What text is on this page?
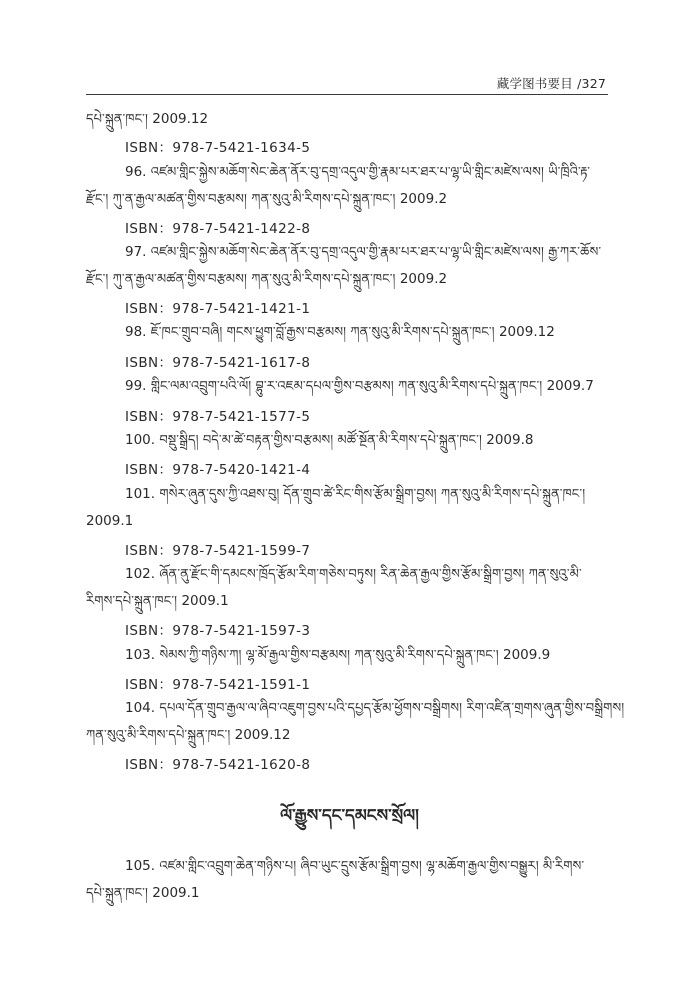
藏学图书要目 /327
དཔེ་སྐྲུན་ཁང་། 2009.12
ISBN：978-7-5421-1634-5
96. འཛམ་གླིང་སྐྱེས་མཆོག་སེང་ཆེན་ནོར་བུ་དགྲ་འདུལ་གྱི་རྣམ་པར་ཐར་པ་ལྷ་ཡི་གླིང་མཛེས་ལས། ཡི་ཁྲིའི་རྟ་
རྫོང་། ཀུ་ན་རྒྱལ་མཚན་གྱིས་བརྩམས། ཀན་སུའུ་མི་རིགས་དཔེ་སྐྲུན་ཁང་། 2009.2
ISBN：978-7-5421-1422-8
97. འཛམ་གླིང་སྐྱེས་མཆོག་སེང་ཆེན་ནོར་བུ་དགྲ་འདུལ་གྱི་རྣམ་པར་ཐར་པ་ལྷ་ཡི་གླིང་མཛེས་ལས། རྒྱ་ཀར་ཆོས་
རྫོང་། ཀུ་ན་རྒྱལ་མཚན་གྱིས་བརྩམས། ཀན་སུའུ་མི་རིགས་དཔེ་སྐྲུན་ཁང་། 2009.2
ISBN：978-7-5421-1421-1
98. ཇོ་ཁང་གྲུབ་བཞི། གངས་ཕྱུག་བློ་རྒྱས་བརྩམས། ཀན་སུའུ་མི་རིགས་དཔེ་སྐྲུན་ཁང་། 2009.12
ISBN：978-7-5421-1617-8
99. གླིང་ལམ་འབྲུག་པའི་ལོ། བྷུ་ར་འཇམ་དཔལ་གྱིས་བརྩམས། ཀན་སུའུ་མི་རིགས་དཔེ་སྐྲུན་ཁང་། 2009.7
ISBN：978-7-5421-1577-5
100. བསྡུ་སྒྲིད། བདེ་མ་ཚེ་བརྟན་གྱིས་བརྩམས། མཚོ་སྔོན་མི་རིགས་དཔེ་སྐྲུན་ཁང་། 2009.8
ISBN：978-7-5420-1421-4
101. གསེར་ཞུན་དུས་ཀྱི་འཐས་བུ། དོན་གྲུབ་ཚེ་རིང་གིས་རྩོམ་སྒྲིག་བྱས། ཀན་སུའུ་མི་རིགས་དཔེ་སྐྲུན་ཁང་།
2009.1
ISBN：978-7-5421-1599-7
102. ཞོན་ནུ་རྫོང་གི་དམངས་ཁྲོད་རྩོམ་རིག་གཅེས་བཏུས། རིན་ཆེན་རྒྱལ་གྱིས་རྩོམ་སྒྲིག་བྱས། ཀན་སུའུ་མི་
རིགས་དཔེ་སྐྲུན་ཁང་། 2009.1
ISBN：978-7-5421-1597-3
103. སེམས་ཀྱི་གཉིས་ཀ། ལྷ་མོ་རྒྱལ་གྱིས་བརྩམས། ཀན་སུའུ་མི་རིགས་དཔེ་སྐྲུན་ཁང་། 2009.9
ISBN：978-7-5421-1591-1
104. དཔལ་དོན་གྲུབ་རྒྱལ་ལ་ཞིབ་འཇུག་བྱས་པའི་དཔྱད་རྩོམ་ཕྱོགས་བསྒྲིགས། རིག་འཛིན་གྲགས་ཞུན་གྱིས་བསྒྲིགས།
ཀན་སུའུ་མི་རིགས་དཔེ་སྐྲུན་ཁང་། 2009.12
ISBN：978-7-5421-1620-8
ལོ་རྒྱུས་དང་དམངས་སྲོལ།
105. འཛམ་གླིང་འབྲུག་ཆེན་གཉིས་པ། ཞིབ་ཡུང་དྲུས་རྩོམ་སྒྲིག་བྱས། ལྷ་མཆོག་རྒྱལ་གྱིས་བསྒྱུར། མི་རིགས་
དཔེ་སྐྲུན་ཁང་། 2009.1
